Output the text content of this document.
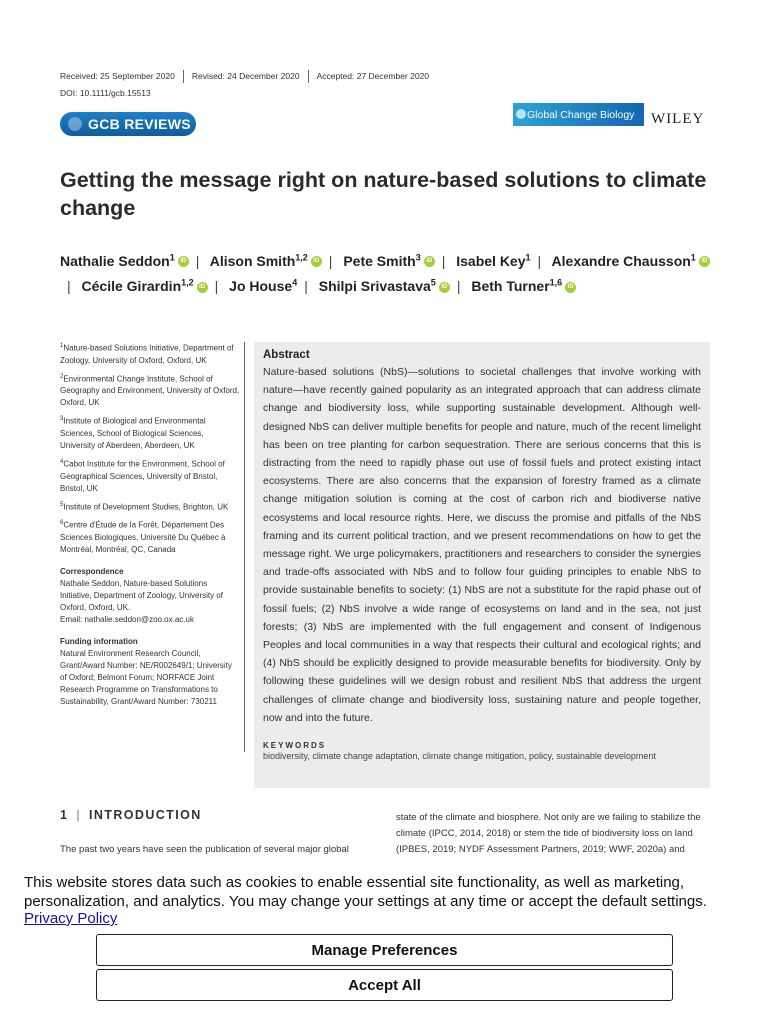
Received: 25 September 2020	Revised: 24 December 2020	Accepted: 27 December 2020
DOI: 10.1111/gcb.15513
GCB REVIEWS
Global Change Biology WILEY
Getting the message right on nature-based solutions to climate change
Nathalie Seddon$^1$ iD | Alison Smith$^{1,2}$ iD | Pete Smith$^3$ iD | Isabel Key$^1$ | Alexandre Chausson$^1$ iD| Cécile Girardin$^{1,2}$ iD | Jo House$^4$ | Shilpi Srivastava$^5$ iD | Beth Turner$^{1,6}$ iD

$^1$Nature-based Solutions Initiative, Department of Zoology, University of Oxford, Oxford, UK

$^2$Environmental Change Institute, School of Geography and Environment, University of Oxford, Oxford, UK

$^3$Institute of Biological and Environmental Sciences, School of Biological Sciences, University of Aberdeen, Aberdeen, UK

$^4$Cabot Institute for the Environment, School of Geographical Sciences, University of Bristol, Bristol, UK

$^5$Institute of Development Studies, Brighton, UK

$^6$Centre d'Étude de la Forêt, Département Des Sciences Biologiques, Université Du Québec à Montréal, Montréal, QC, Canada

Correspondence

Nathalie Seddon, Nature-based Solutions Initiative, Department of Zoology, University of Oxford, Oxford, UK.
Email: nathalie.seddon@zoo.ox.ac.uk

Funding information

Natural Environment Research Council, Grant/Award Number: NE/R002649/1; University of Oxford; Belmont Forum; NORFACE Joint Research Programme on Transformations to Sustainability, Grant/Award Number: 730211

Abstract
Nature-based solutions (NbS)—solutions to societal challenges that involve working with nature—have recently gained popularity as an integrated approach that can address climate change and biodiversity loss, while supporting sustainable development. Although well-designed NbS can deliver multiple benefits for people and nature, much of the recent limelight has been on tree planting for carbon sequestration. There are serious concerns that this is distracting from the need to rapidly phase out use of fossil fuels and protect existing intact ecosystems. There are also concerns that the expansion of forestry framed as a climate change mitigation solution is coming at the cost of carbon rich and biodiverse native ecosystems and local resource rights. Here, we discuss the promise and pitfalls of the NbS framing and its current political traction, and we present recommendations on how to get the message right. We urge policymakers, practitioners and researchers to consider the synergies and trade-offs associated with NbS and to follow four guiding principles to enable NbS to provide sustainable benefits to society: (1) NbS are not a substitute for the rapid phase out of fossil fuels; (2) NbS involve a wide range of ecosystems on land and in the sea, not just forests; (3) NbS are implemented with the full engagement and consent of Indigenous Peoples and local communities in a way that respects their cultural and ecological rights; and (4) NbS should be explicitly designed to provide measurable benefits for biodiversity. Only by following these guidelines will we design robust and resilient NbS that address the urgent challenges of climate change and biodiversity loss, sustaining nature and people together, now and into the future.
KEYWORDS
biodiversity, climate change adaptation, climate change mitigation, policy, sustainable development
1 | INTRODUCTION
The past two years have seen the publication of several major global
state of the climate and biosphere. Not only are we failing to stabilize the climate (IPCC, 2014, 2018) or stem the tide of biodiversity loss on land (IPBES, 2019; NYDF Assessment Partners, 2019; WWF, 2020a) and
This website stores data such as cookies to enable essential site functionality, as well as marketing, personalization, and analytics. You may change your settings at any time or accept the default settings.
Privacy Policy
Manage Preferences
Accept All
